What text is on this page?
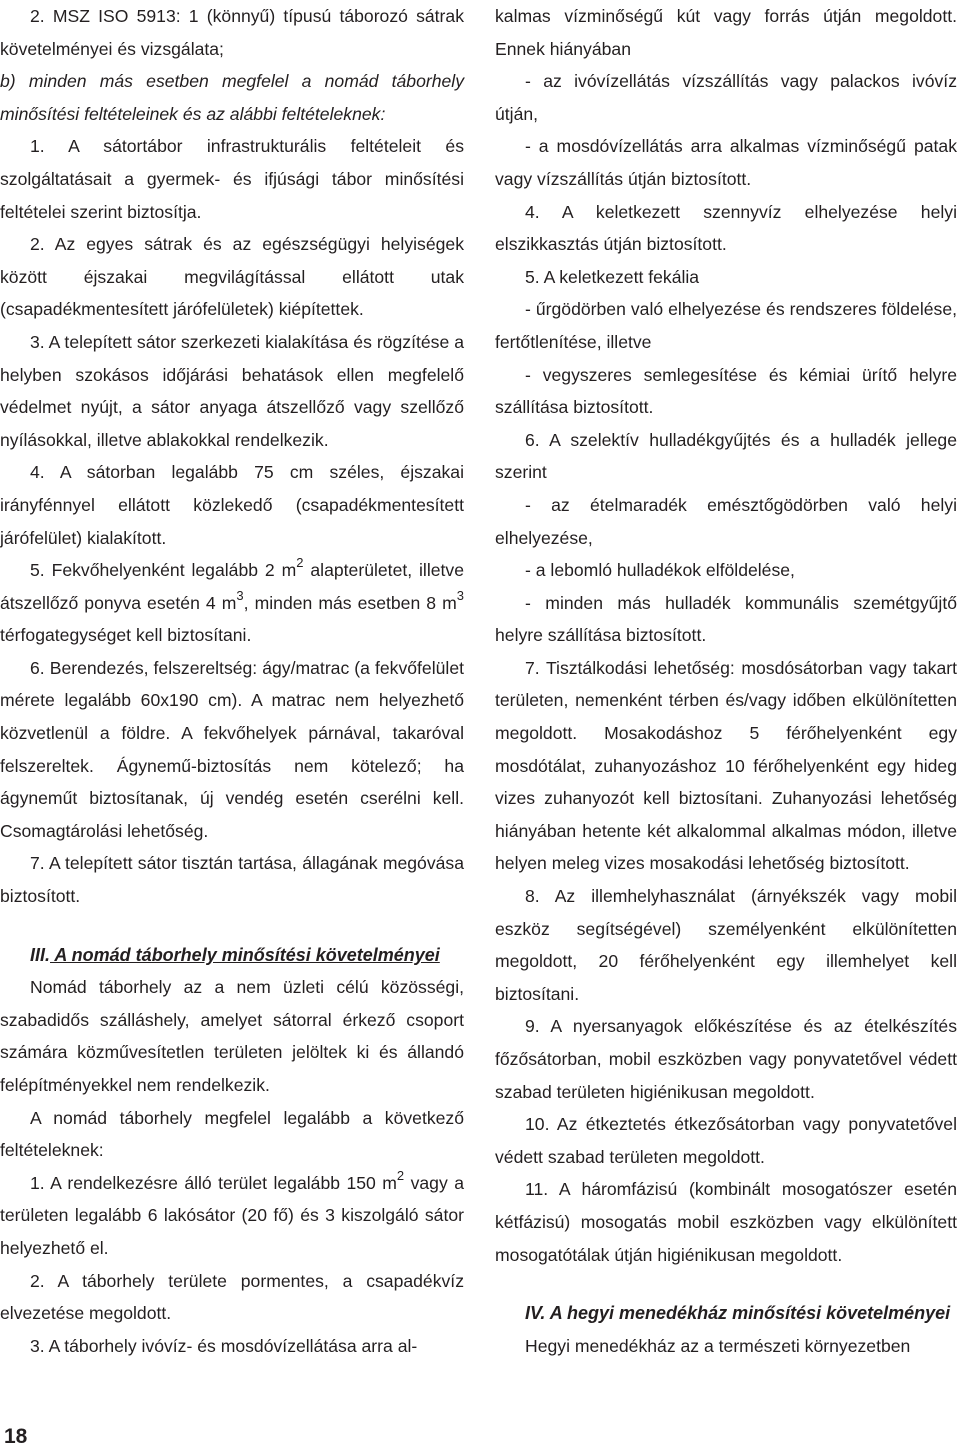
2. MSZ ISO 5913: 1 (könnyű) típusú táborozó sátrak követelményei és vizsgálata;

b) minden más esetben megfelel a nomád táborhely minősítési feltételeinek és az alábbi feltételeknek:

1. A sátortábor infrastrukturális feltételeit és szolgáltatásait a gyermek- és ifjúsági tábor minősítési feltételei szerint biztosítja.

2. Az egyes sátrak és az egészségügyi helyiségek között éjszakai megvilágítással ellátott utak (csapadékmentesített járófelületek) kiépítettek.

3. A telepített sátor szerkezeti kialakítása és rögzítése a helyben szokásos időjárási behatások ellen megfelelő védelmet nyújt, a sátor anyaga átszellőző vagy szellőző nyílásokkal, illetve ablakokkal rendelkezik.

4. A sátorban legalább 75 cm széles, éjszakai irányfénnyel ellátott közlekedő (csapadékmentesített járófelület) kialakított.

5. Fekvőhelyenként legalább 2 $m^2$ alapterületet, illetve átszellőző ponyva esetén 4 $m^3$, minden más esetben 8 $m^3$ térfogategységet kell biztosítani.

6. Berendezés, felszereltség: ágy/matrac (a fekvőfelület mérete legalább 60x190 cm). A matrac nem helyezhető közvetlenül a földre. A fekvőhelyek párnával, takaróval felszereltek. Ágynemű-biztosítás nem kötelező; ha ágyneműt biztosítanak, új vendég esetén cserélni kell. Csomagtárolási lehetőség.

7. A telepített sátor tisztán tartása, állagának megóvása biztosított.

III. A nomád táborhely minősítési követelményei

Nomád táborhely az a nem üzleti célú közösségi, szabadidős szálláshely, amelyet sátorral érkező csoport számára közművesítetlen területen jelöltek ki és állandó felépítményekkel nem rendelkezik.

A nomád táborhely megfelel legalább a következő feltételeknek:

1. A rendelkezésre álló terület legalább 150 $m^2$ vagy a területen legalább 6 lakósátor (20 fő) és 3 kiszolgáló sátor helyezhető el.

2. A táborhely területe pormentes, a csapadékvíz elvezetése megoldott.

3. A táborhely ivóvíz- és mosdóvízellátása arra al-

kalmas vízminőségű kút vagy forrás útján megoldott. Ennek hiányában

- az ivóvízellátás vízszállítás vagy palackos ivóvíz útján,

- a mosdóvízellátás arra alkalmas vízminőségű patak vagy vízszállítás útján biztosított.

4. A keletkezett szennyvíz elhelyezése helyi elszikkasztás útján biztosított.

5. A keletkezett fekália

- űrgödörben való elhelyezése és rendszeres földelése, fertőtlenítése, illetve

- vegyszeres semlegesítése és kémiai ürítő helyre szállítása biztosított.

6. A szelektív hulladékgyűjtés és a hulladék jellege szerint

- az ételmaradék emésztőgödörben való helyi elhelyezése,

- a lebomló hulladékok elföldelése,

- minden más hulladék kommunális szemétgyűjtő helyre szállítása biztosított.

7. Tisztálkodási lehetőség: mosdósátorban vagy takart területen, nemenként térben és/vagy időben elkülönítetten megoldott. Mosakodáshoz 5 férőhelyenként egy mosdótálat, zuhanyozáshoz 10 férőhelyenként egy hideg vizes zuhanyozót kell biztosítani. Zuhanyozási lehetőség hiányában hetente két alkalommal alkalmas módon, illetve helyen meleg vizes mosakodási lehetőség biztosított.

8. Az illemhelyhasználat (árnyékszék vagy mobil eszköz segítségével) személyenként elkülönítetten megoldott, 20 férőhelyenként egy illemhelyet kell biztosítani.

9. A nyersanyagok előkészítése és az ételkészítés főzősátorban, mobil eszközben vagy ponyvatetővel védett szabad területen higiénikusan megoldott.

10. Az étkeztetés étkezősátorban vagy ponyvatetővel védett szabad területen megoldott.

11. A háromfázisú (kombinált mosogatószer esetén kétfázisú) mosogatás mobil eszközben vagy elkülönített mosogatótálak útján higiénikusan megoldott.

IV. A hegyi menedékház minősítési követelményei

Hegyi menedékház az a természeti környezetben

18
